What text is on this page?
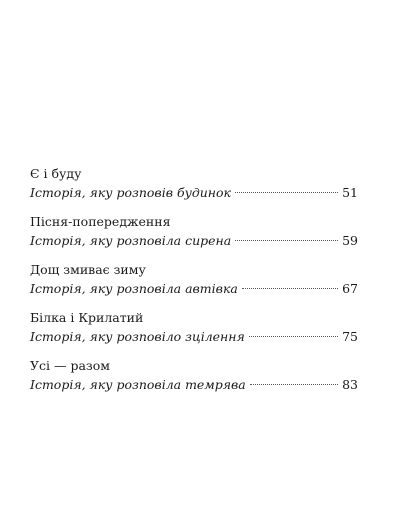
Є і буду
Історія, яку розповів будинок	51
Пісня-попередження
Історія, яку розповіла сирена	59
Дощ змиває зиму
Історія, яку розповіла автівка	67
Білка і Крилатий
Історія, яку розповіло зцілення	75
Усі — разом
Історія, яку розповіла темрява	83
